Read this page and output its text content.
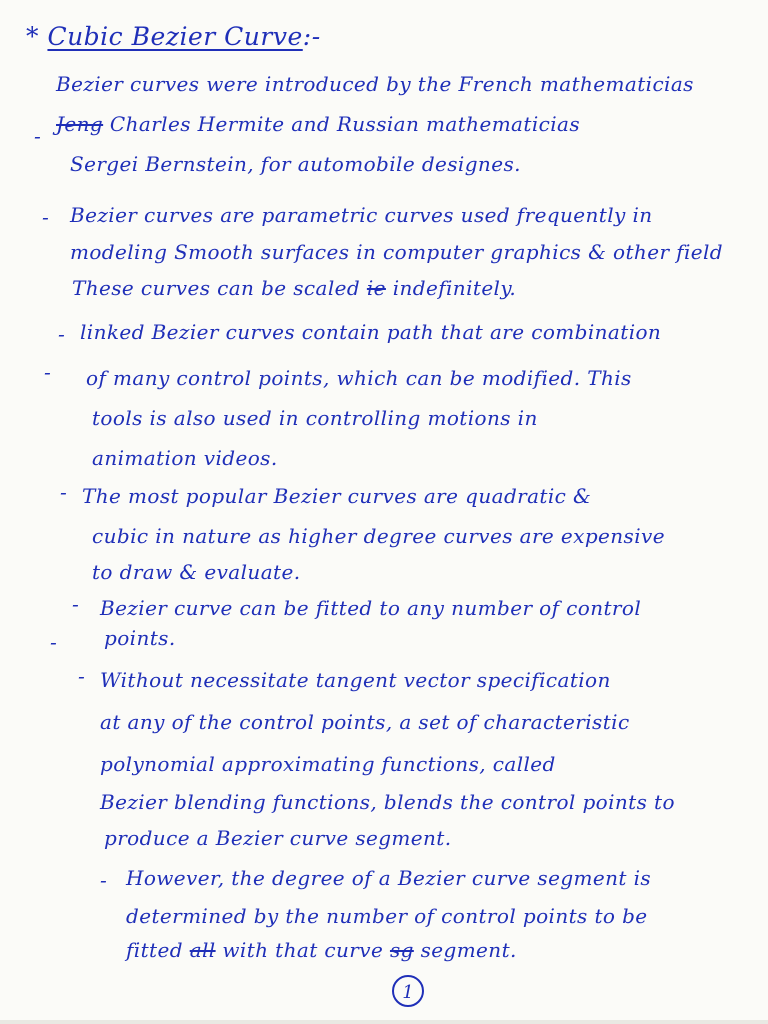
* Cubic Bezier Curve:-
Bezier curves were introduced by the French mathematicias
- Jeng Charles Hermite and Russian mathematicias
Sergei Bernstein, for automobile designes.
- Bezier curves are parametric curves used frequently in
modeling Smooth surfaces in computer graphics & other field
These curves can be scaled ie indefinitely.
- linked Bezier curves contain path that are combination
- of many control points, which can be modified. This
tools is also used in controlling motions in
animation videos.
- The most popular Bezier curves are quadratic &
cubic in nature as higher degree curves are expensive
to draw & evaluate.
- Bezier curve can be fitted to any number of control
- points.
- Without necessitate tangent vector specification
at any of the control points, a set of characteristic
polynomial approximating functions, called
Bezier blending functions, blends the control points to
produce a Bezier curve segment.
- However, the degree of a Bezier curve segment is
determined by the number of control points to be
fitted all with that curve sg segment.
1
